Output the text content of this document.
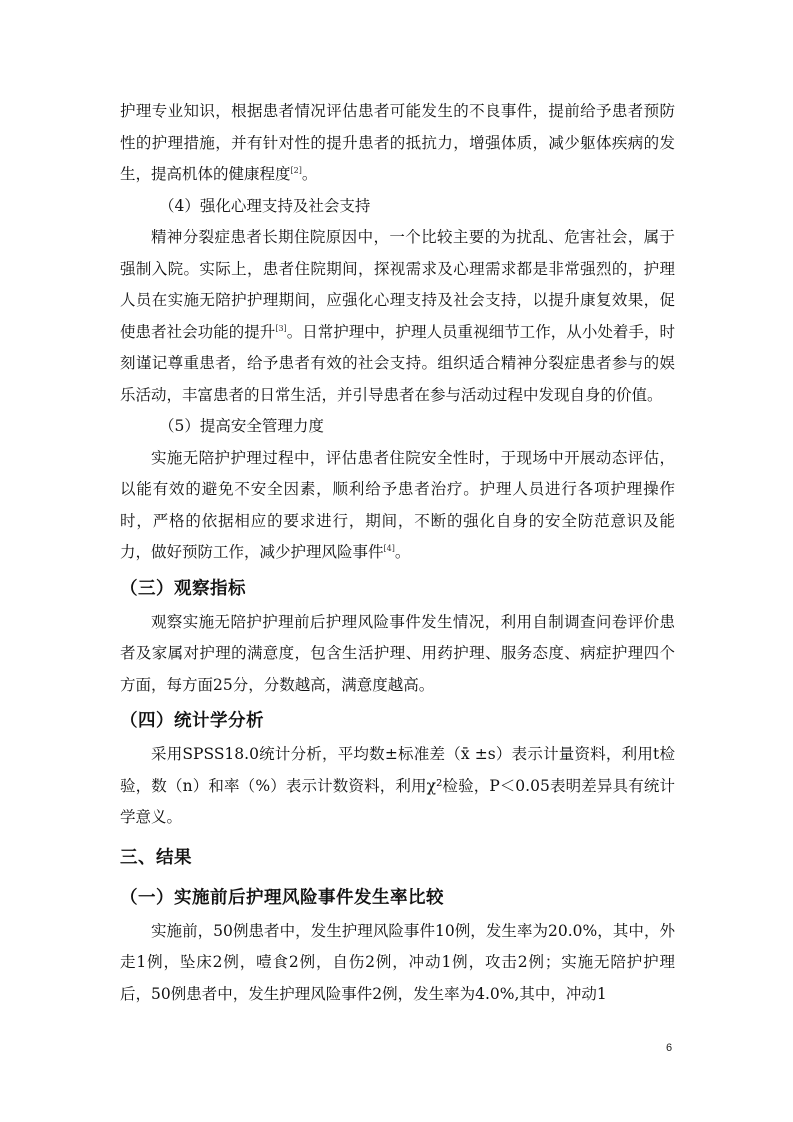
护理专业知识，根据患者情况评估患者可能发生的不良事件，提前给予患者预防性的护理措施，并有针对性的提升患者的抵抗力，增强体质，减少躯体疾病的发生，提高机体的健康程度[2]。

（4）强化心理支持及社会支持

精神分裂症患者长期住院原因中，一个比较主要的为扰乱、危害社会，属于强制入院。实际上，患者住院期间，探视需求及心理需求都是非常强烈的，护理人员在实施无陪护护理期间，应强化心理支持及社会支持，以提升康复效果，促使患者社会功能的提升[3]。日常护理中，护理人员重视细节工作，从小处着手，时刻谨记尊重患者，给予患者有效的社会支持。组织适合精神分裂症患者参与的娱乐活动，丰富患者的日常生活，并引导患者在参与活动过程中发现自身的价值。

（5）提高安全管理力度

实施无陪护护理过程中，评估患者住院安全性时，于现场中开展动态评估，以能有效的避免不安全因素，顺利给予患者治疗。护理人员进行各项护理操作时，严格的依据相应的要求进行，期间，不断的强化自身的安全防范意识及能力，做好预防工作，减少护理风险事件[4]。

（三）观察指标

观察实施无陪护护理前后护理风险事件发生情况，利用自制调查问卷评价患者及家属对护理的满意度，包含生活护理、用药护理、服务态度、病症护理四个方面，每方面25分，分数越高，满意度越高。

（四）统计学分析

采用SPSS18.0统计分析，平均数±标准差（x̄ ±s）表示计量资料，利用t检验，数（n）和率（%）表示计数资料，利用χ²检验，P＜0.05表明差异具有统计学意义。

三、结果
（一）实施前后护理风险事件发生率比较

实施前，50例患者中，发生护理风险事件10例，发生率为20.0%，其中，外走1例，坠床2例，噎食2例，自伤2例，冲动1例，攻击2例；实施无陪护护理后，50例患者中，发生护理风险事件2例，发生率为4.0%,其中，冲动1

6
